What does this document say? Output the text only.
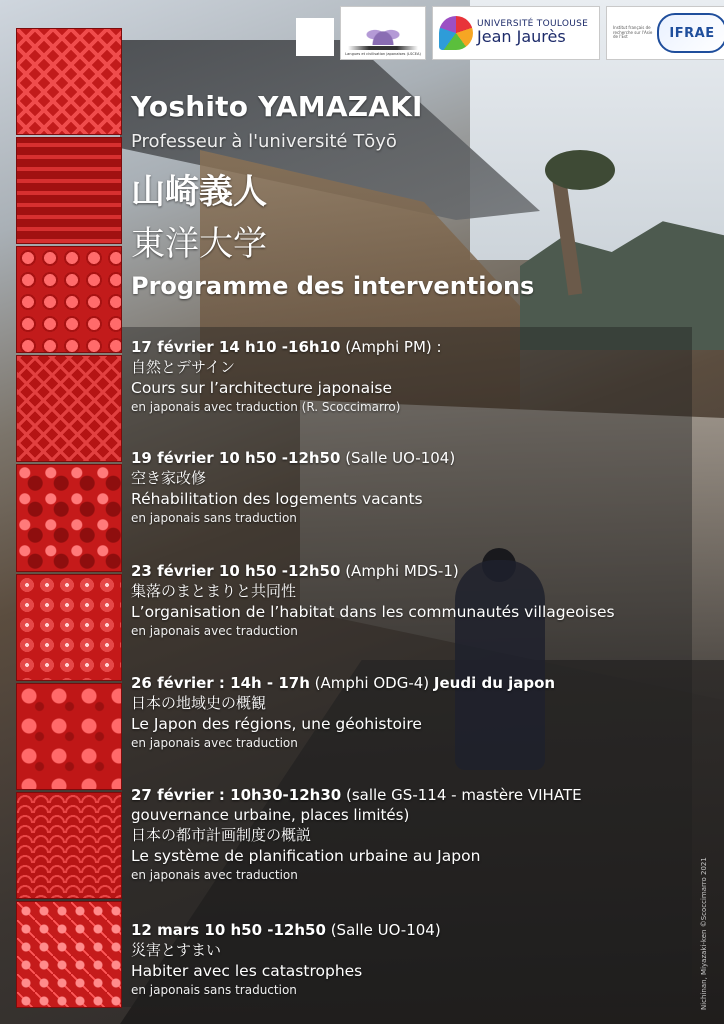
Langues et civilisation japonaises (LSCEA)
UNIVERSITÉ TOULOUSE
Jean Jaurès
Institut français de recherche sur l'Asie de l'Est	IFRAE
Yoshito YAMAZAKI
Professeur à l'université Tōyō
山崎義人
東洋大学
Programme des interventions
17 février 14 h10 -16h10 (Amphi PM) :
自然とデサイン
Cours sur l’architecture japonaise
en japonais avec traduction (R. Scoccimarro)
19 février 10 h50 -12h50 (Salle UO-104)
空き家改修
Réhabilitation des logements vacants
en japonais sans traduction
23 février 10 h50 -12h50 (Amphi MDS-1)
集落のまとまりと共同性
L’organisation de l’habitat dans les communautés villageoises
en japonais avec traduction
26 février : 14h - 17h (Amphi ODG-4) Jeudi du japon
日本の地域史の概観
Le Japon des régions, une géohistoire
en japonais avec traduction
27 février : 10h30-12h30 (salle GS-114 - mastère VIHATE
gouvernance urbaine, places limités)
日本の都市計画制度の概説
Le système de planification urbaine au Japon
en japonais avec traduction
12 mars 10 h50 -12h50 (Salle UO-104)
災害とすまい
Habiter avec les catastrophes
en japonais sans traduction	Nichinan, Miyazaki-ken ©Scoccimarro 2021
